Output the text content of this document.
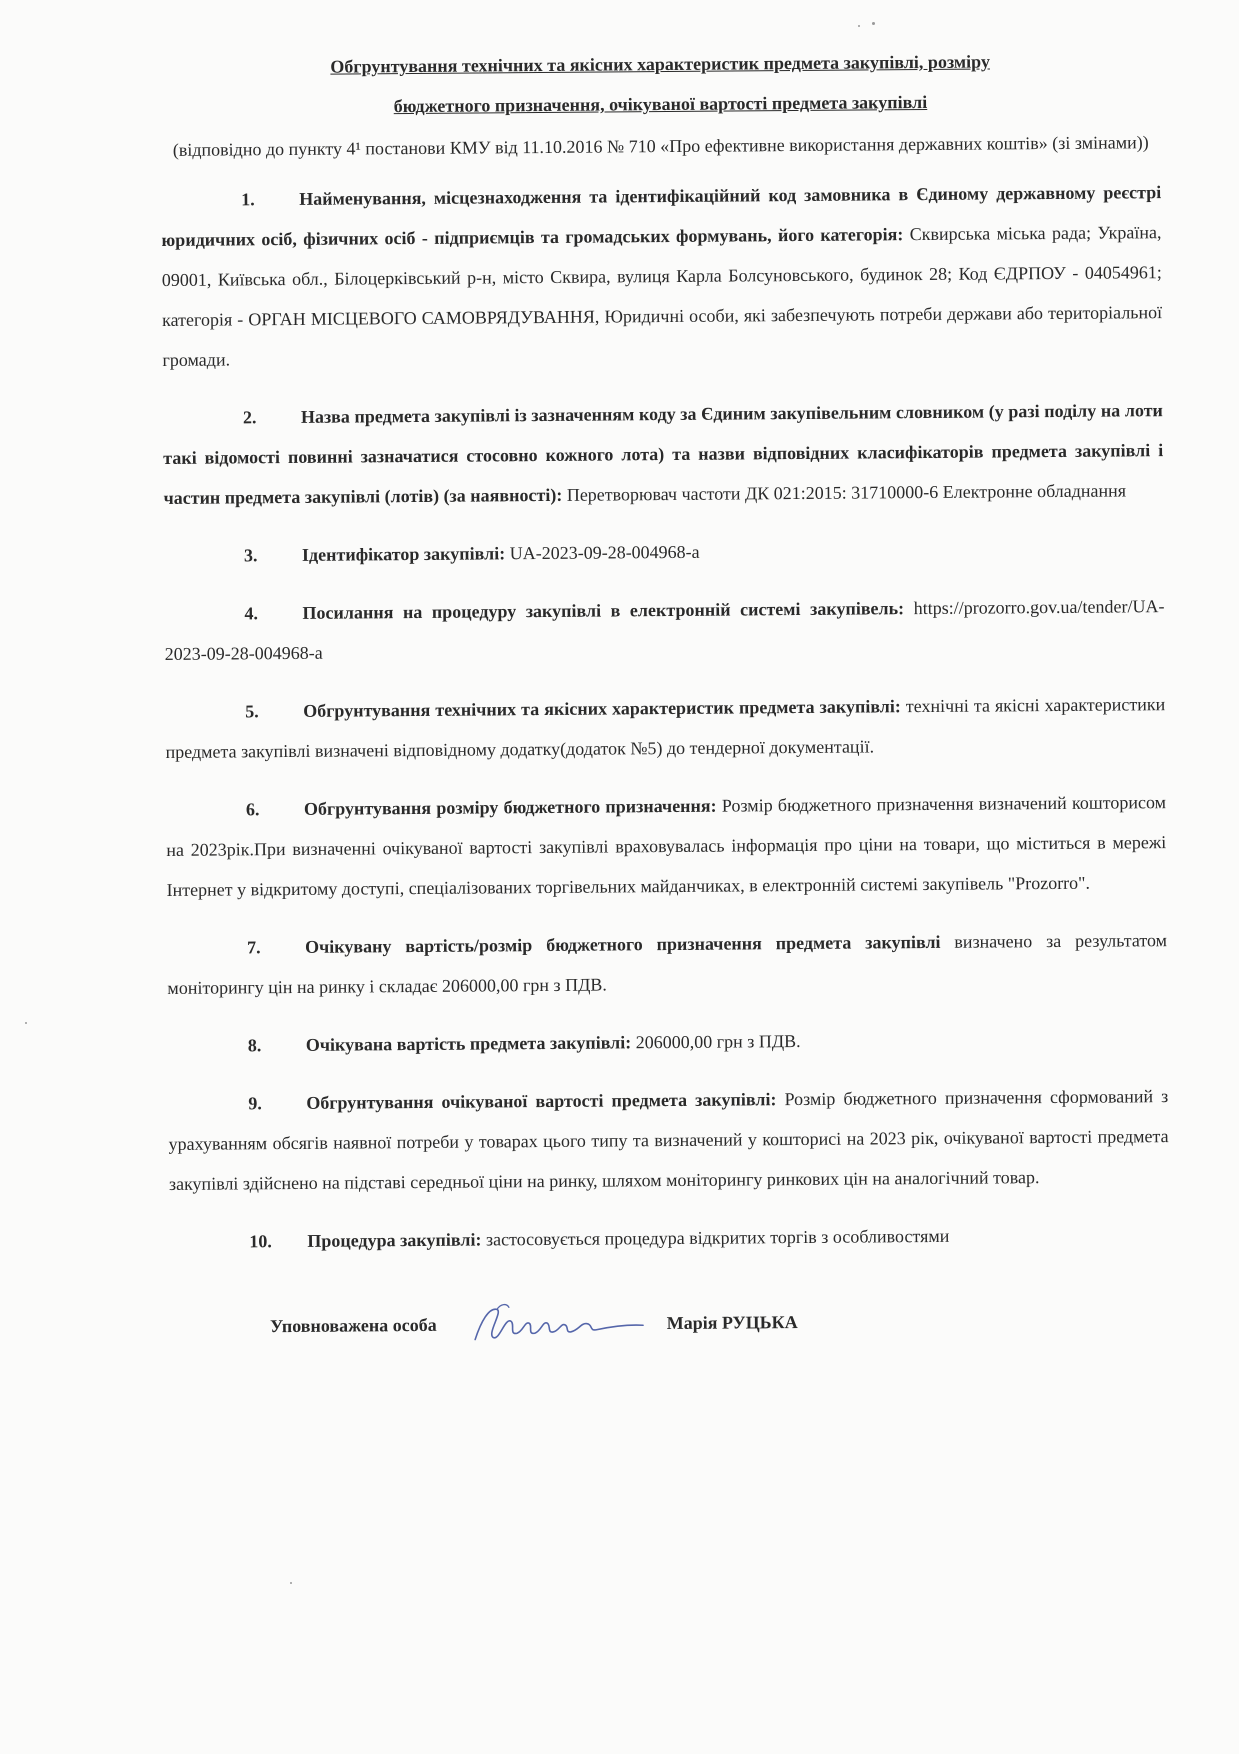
Обгрунтування технічних та якісних характеристик предмета закупівлі, розміру
бюджетного призначення, очікуваної вартості предмета закупівлі
(відповідно до пункту 4¹ постанови КМУ від 11.10.2016 № 710 «Про ефективне використання державних коштів» (зі змінами))

1. Найменування, місцезнаходження та ідентифікаційний код замовника в Єдиному державному реєстрі юридичних осіб, фізичних осіб - підприємців та громадських формувань, його категорія: Сквирська міська рада; Україна, 09001, Київська обл., Білоцерківський р-н, місто Сквира, вулиця Карла Болсуновського, будинок 28; Код ЄДРПОУ - 04054961; категорія - ОРГАН МІСЦЕВОГО САМОВРЯДУВАННЯ, Юридичні особи, які забезпечують потреби держави або територіальної громади.

2. Назва предмета закупівлі із зазначенням коду за Єдиним закупівельним словником (у разі поділу на лоти такі відомості повинні зазначатися стосовно кожного лота) та назви відповідних класифікаторів предмета закупівлі і частин предмета закупівлі (лотів) (за наявності): Перетворювач частоти ДК 021:2015: 31710000-6 Електронне обладнання

3. Ідентифікатор закупівлі: UA-2023-09-28-004968-a

4. Посилання на процедуру закупівлі в електронній системі закупівель: https://prozorro.gov.ua/tender/UA-2023-09-28-004968-a

5. Обгрунтування технічних та якісних характеристик предмета закупівлі: технічні та якісні характеристики предмета закупівлі визначені відповідному додатку(додаток №5) до тендерної документації.

6. Обгрунтування розміру бюджетного призначення: Розмір бюджетного призначення визначений кошторисом на 2023рік.При визначенні очікуваної вартості закупівлі враховувалась інформація про ціни на товари, що міститься в мережі Інтернет у відкритому доступі, спеціалізованих торгівельних майданчиках, в електронній системі закупівель "Prozorro".

7. Очікувану вартість/розмір бюджетного призначення предмета закупівлі визначено за результатом моніторингу цін на ринку і складає 206000,00 грн з ПДВ.

8. Очікувана вартість предмета закупівлі: 206000,00 грн з ПДВ.

9. Обгрунтування очікуваної вартості предмета закупівлі: Розмір бюджетного призначення сформований з урахуванням обсягів наявної потреби у товарах цього типу та визначений у кошторисі на 2023 рік, очікуваної вартості предмета закупівлі здійснено на підставі середньої ціни на ринку, шляхом моніторингу ринкових цін на аналогічний товар.

10. Процедура закупівлі: застосовується процедура відкритих торгів з особливостями

Уповноважена особа	Марія РУЦЬКА
